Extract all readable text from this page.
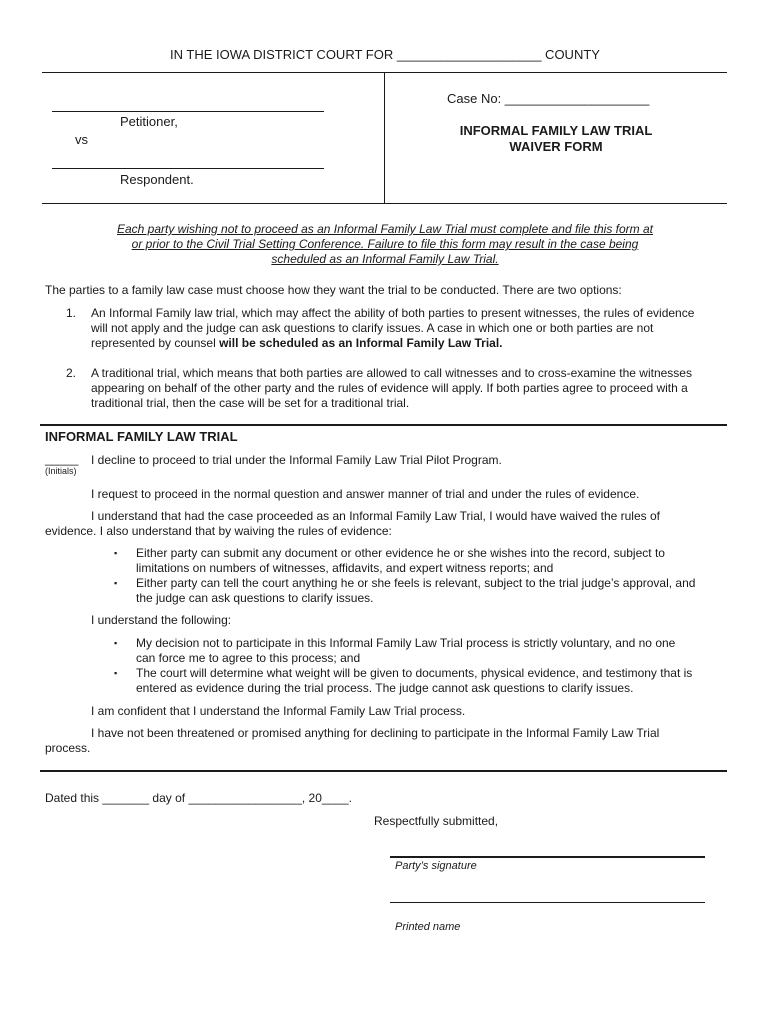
IN THE IOWA DISTRICT COURT FOR ____________________ COUNTY
Petitioner,
vs
Respondent.
Case No: ____________________
INFORMAL FAMILY LAW TRIAL
WAIVER FORM
Each party wishing not to proceed as an Informal Family Law Trial must complete and file this form at
or prior to the Civil Trial Setting Conference. Failure to file this form may result in the case being
scheduled as an Informal Family Law Trial.
The parties to a family law case must choose how they want the trial to be conducted. There are two options:
1. An Informal Family law trial, which may affect the ability of both parties to present witnesses, the rules of evidence
will not apply and the judge can ask questions to clarify issues. A case in which one or both parties are not
represented by counsel will be scheduled as an Informal Family Law Trial.
2. A traditional trial, which means that both parties are allowed to call witnesses and to cross-examine the witnesses
appearing on behalf of the other party and the rules of evidence will apply. If both parties agree to proceed with a
traditional trial, then the case will be set for a traditional trial.
INFORMAL FAMILY LAW TRIAL
_____
(Initials)
I decline to proceed to trial under the Informal Family Law Trial Pilot Program.
I request to proceed in the normal question and answer manner of trial and under the rules of evidence.
I understand that had the case proceeded as an Informal Family Law Trial, I would have waived the rules of
evidence. I also understand that by waiving the rules of evidence:
▪ Either party can submit any document or other evidence he or she wishes into the record, subject to
limitations on numbers of witnesses, affidavits, and expert witness reports; and
▪ Either party can tell the court anything he or she feels is relevant, subject to the trial judge’s approval, and
the judge can ask questions to clarify issues.
I understand the following:
▪ My decision not to participate in this Informal Family Law Trial process is strictly voluntary, and no one
can force me to agree to this process; and
▪ The court will determine what weight will be given to documents, physical evidence, and testimony that is
entered as evidence during the trial process. The judge cannot ask questions to clarify issues.
I am confident that I understand the Informal Family Law Trial process.
I have not been threatened or promised anything for declining to participate in the Informal Family Law Trial
process.
Dated this _______ day of _________________, 20____.
Respectfully submitted,
Party’s signature
Printed name
